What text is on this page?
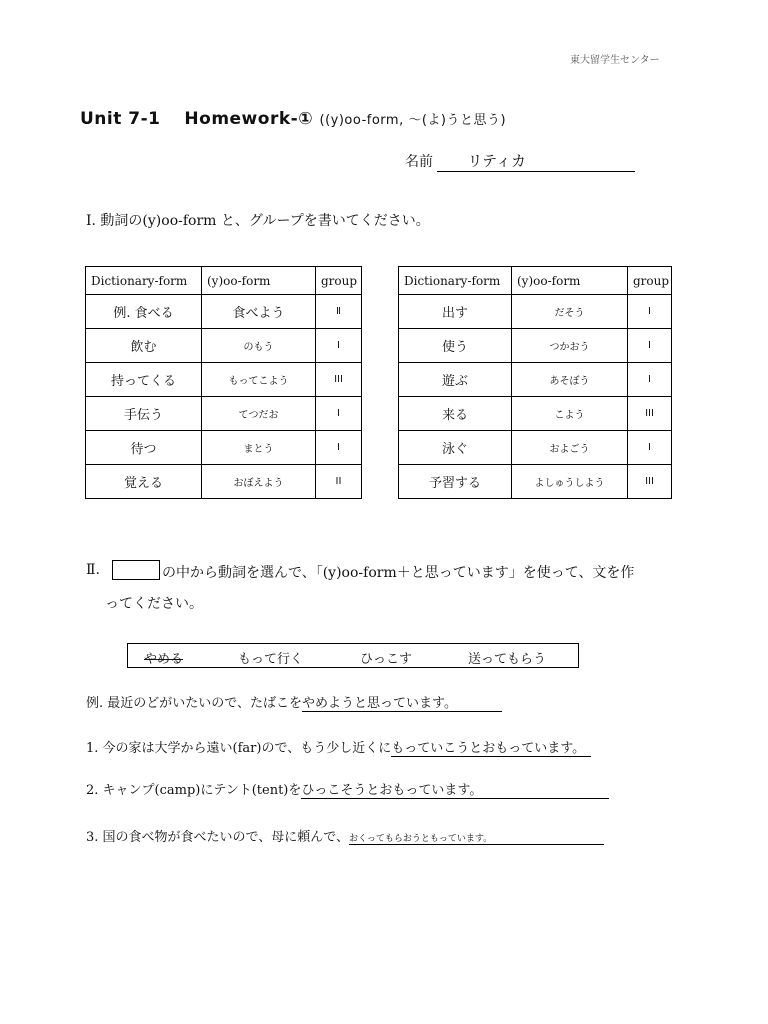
東大留学生センター
Unit 7-1　 Homework-① ((y)oo-form, ～(よ)うと思う)
名前 リティカ
Ⅰ. 動詞の(y)oo-form と、グループを書いてください。
Dictionary-form	(y)oo-form	group
例. 食べる	食べよう	Ⅱ
飲む	のもう	I
持ってくる	もってこよう	III
手伝う	てつだお	I
待つ	まとう	I
覚える	おぼえよう	II
Dictionary-form	(y)oo-form	group
出す	だそう	I
使う	つかおう	I
遊ぶ	あそぼう	I
来る	こよう	III
泳ぐ	およごう	I
予習する	よしゅうしよう	III
Ⅱ.	の中から動詞を選んで、「(y)oo-form＋と思っています」を使って、文を作
ってください。
やめる	もって行く	ひっこす	送ってもらう
例. 最近のどがいたいので、たばこをやめようと思っています。
1. 今の家は大学から遠い(far)ので、もう少し近くにもっていこうとおもっています。
2. キャンプ(camp)にテント(tent)をひっこそうとおもっています。
3. 国の食べ物が食べたいので、母に頼んで、おくってもらおうともっています。
